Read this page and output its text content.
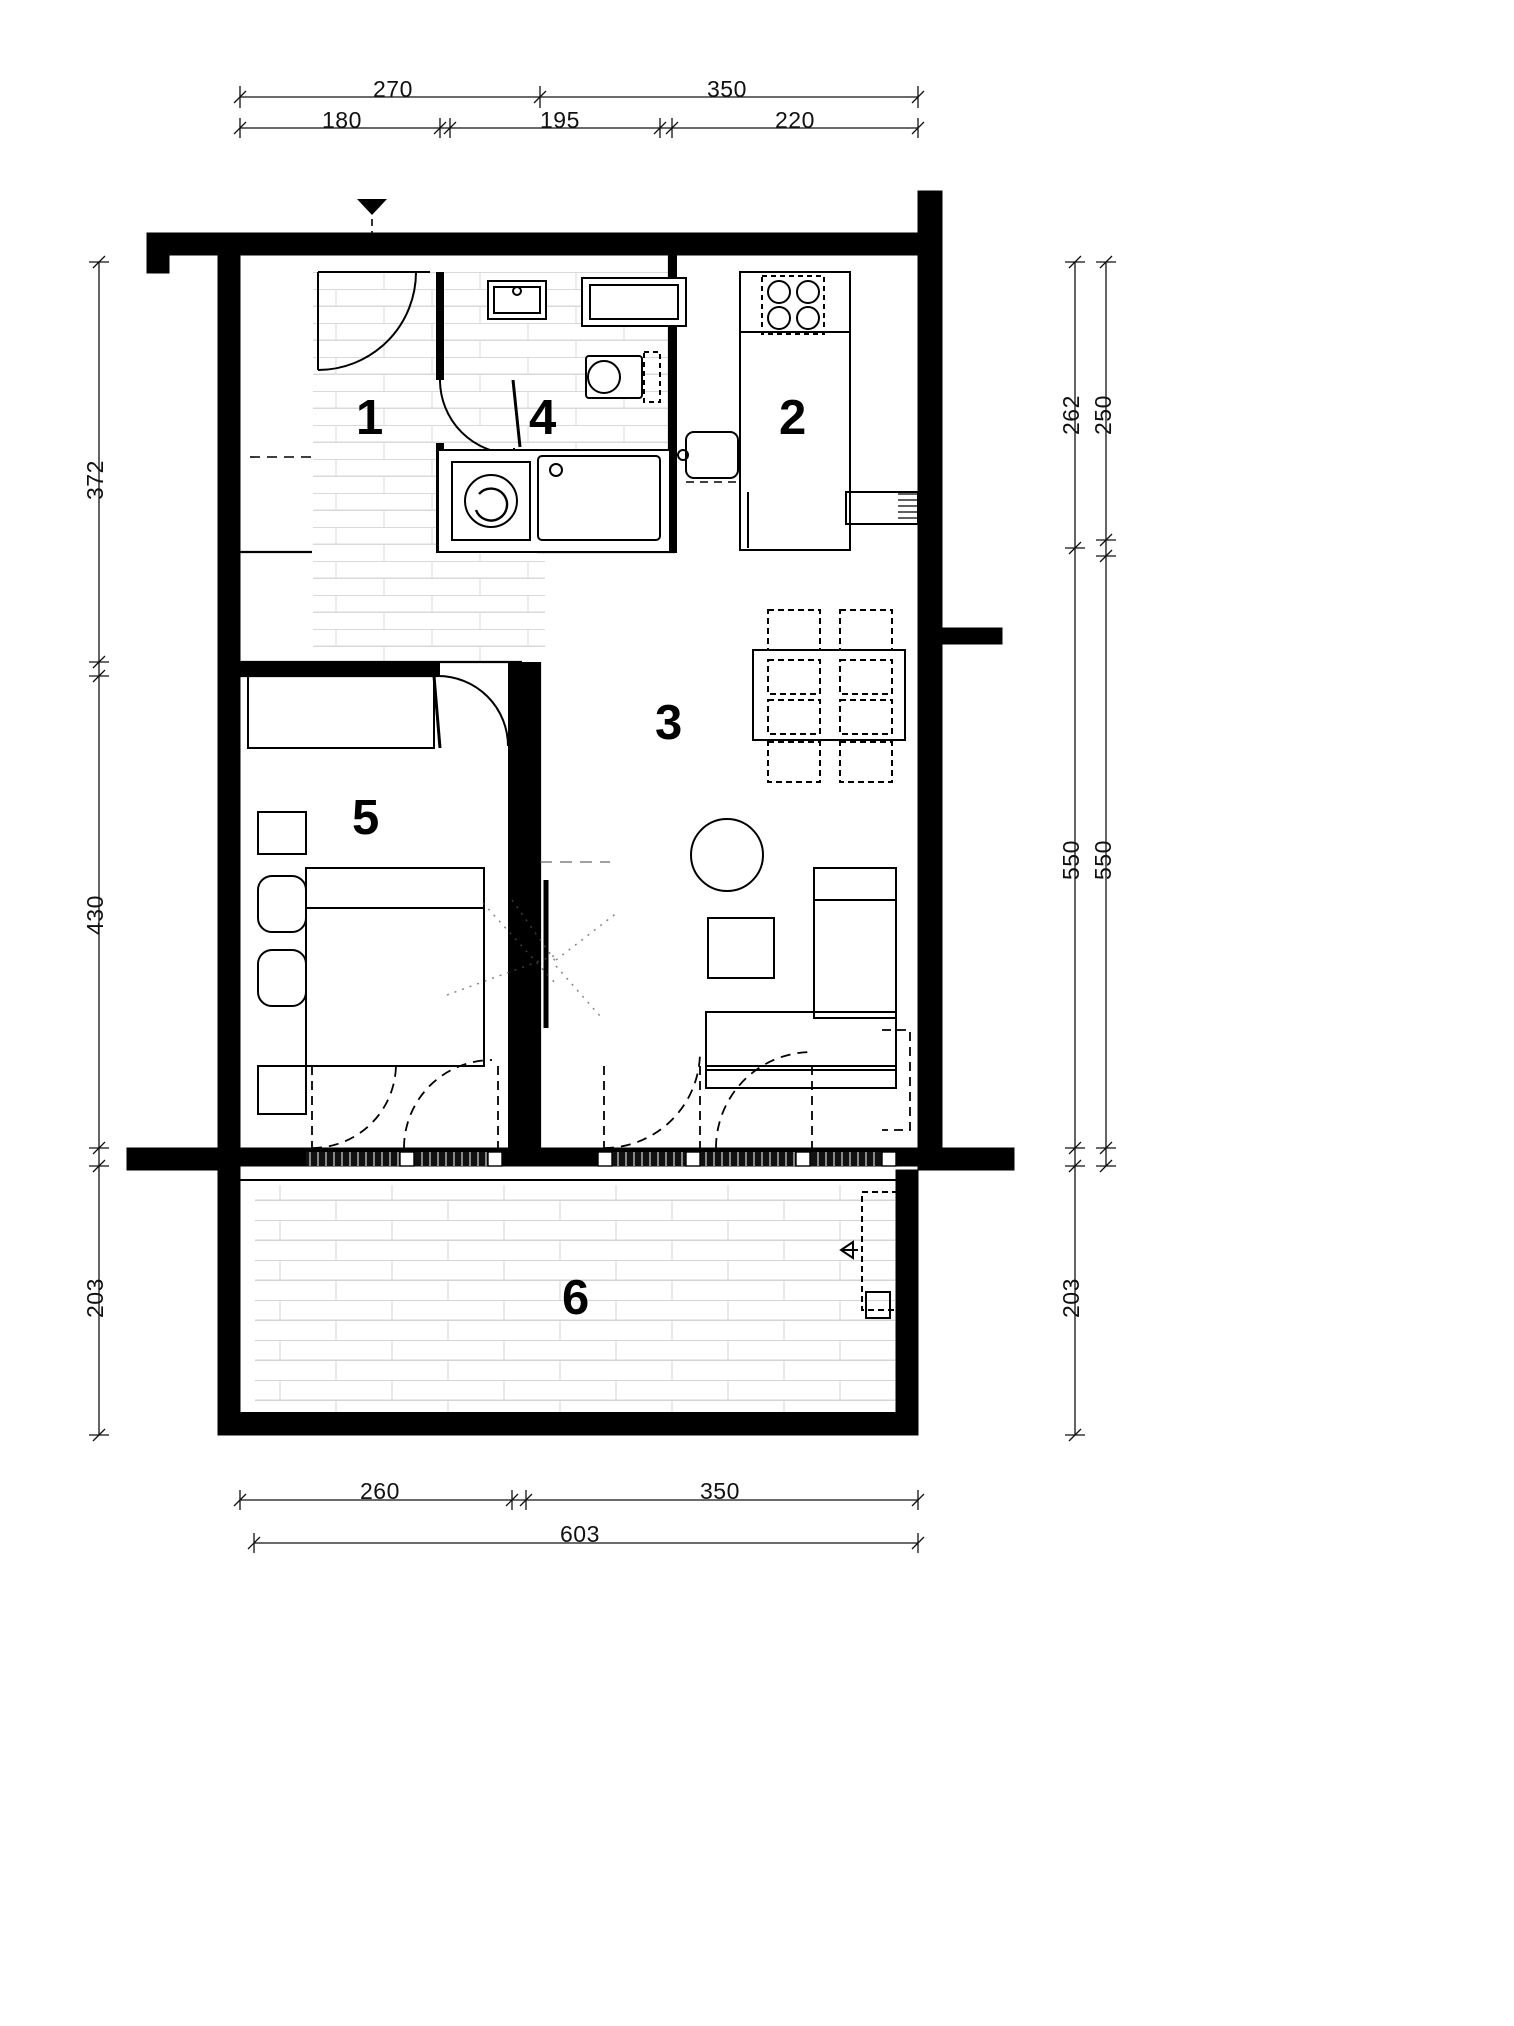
1	2
3
4
5
6
270	350
180	195	220
372
430
203
262
550
203
250
550
260	350
603
